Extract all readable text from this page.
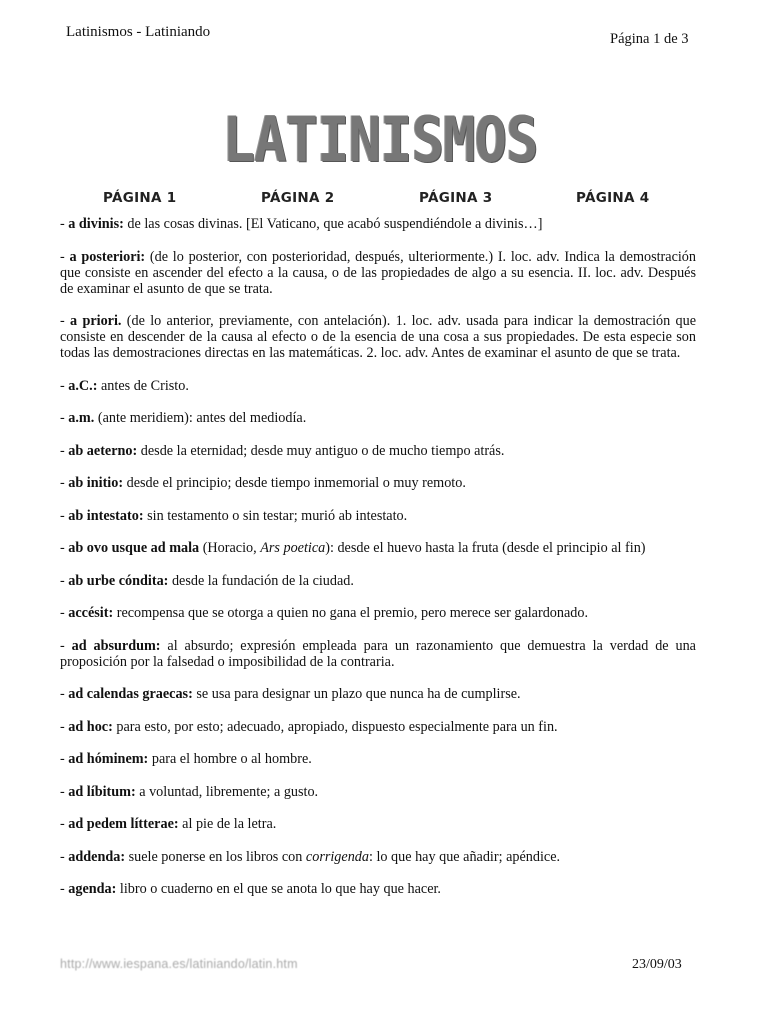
Latinismos - Latiniando	Página 1 de 3
LATINISMOS
PÁGINA 1	PÁGINA 2	PÁGINA 3	PÁGINA 4
- a divinis: de las cosas divinas. [El Vaticano, que acabó suspendiéndole a divinis…]
- a posteriori: (de lo posterior, con posterioridad, después, ulteriormente.) I. loc. adv. Indica la demostración que consiste en ascender del efecto a la causa, o de las propiedades de algo a su esencia. II. loc. adv. Después de examinar el asunto de que se trata.
- a priori. (de lo anterior, previamente, con antelación). 1. loc. adv. usada para indicar la demostración que consiste en descender de la causa al efecto o de la esencia de una cosa a sus propiedades. De esta especie son todas las demostraciones directas en las matemáticas. 2. loc. adv. Antes de examinar el asunto de que se trata.
- a.C.: antes de Cristo.
- a.m. (ante meridiem): antes del mediodía.
- ab aeterno: desde la eternidad; desde muy antiguo o de mucho tiempo atrás.
- ab initio: desde el principio; desde tiempo inmemorial o muy remoto.
- ab intestato: sin testamento o sin testar; murió ab intestato.
- ab ovo usque ad mala (Horacio, Ars poetica): desde el huevo hasta la fruta (desde el principio al fin)
- ab urbe cóndita: desde la fundación de la ciudad.
- accésit: recompensa que se otorga a quien no gana el premio, pero merece ser galardonado.
- ad absurdum: al absurdo; expresión empleada para un razonamiento que demuestra la verdad de una proposición por la falsedad o imposibilidad de la contraria.
- ad calendas graecas: se usa para designar un plazo que nunca ha de cumplirse.
- ad hoc: para esto, por esto; adecuado, apropiado, dispuesto especialmente para un fin.
- ad hóminem: para el hombre o al hombre.
- ad líbitum: a voluntad, libremente; a gusto.
- ad pedem lítterae: al pie de la letra.
- addenda: suele ponerse en los libros con corrigenda: lo que hay que añadir; apéndice.
- agenda: libro o cuaderno en el que se anota lo que hay que hacer.
http://www.iespana.es/latiniando/latin.htm	23/09/03
